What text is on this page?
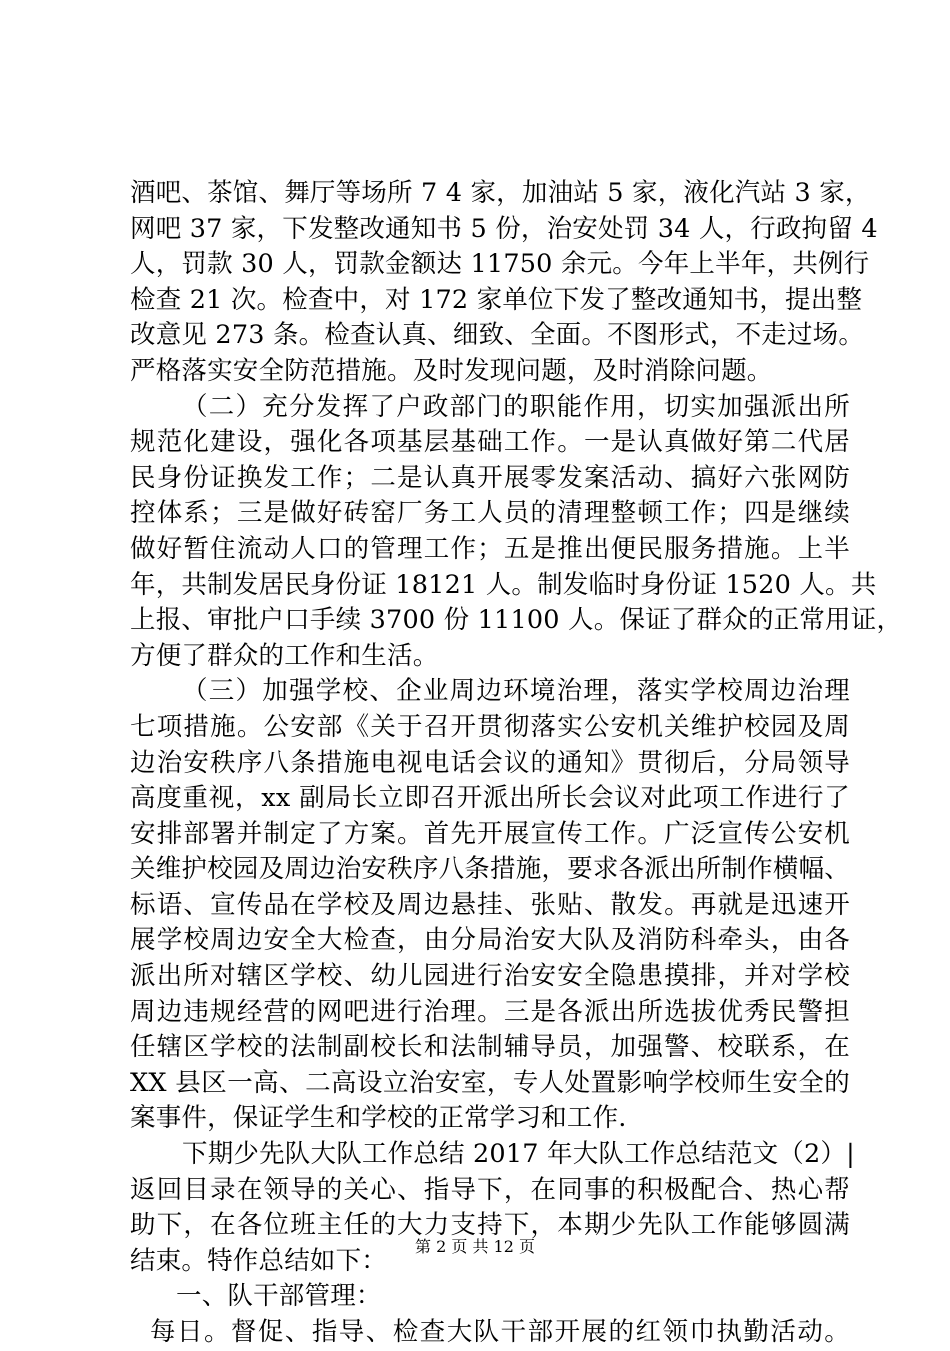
酒吧、茶馆、舞厅等场所 7 4 家，加油站 5 家，液化汽站 3 家，
网吧 37 家，下发整改通知书 5 份，治安处罚 34 人，行政拘留 4
人，罚款 30 人，罚款金额达 11750 余元。今年上半年，共例行
检查 21 次。检查中，对 172 家单位下发了整改通知书，提出整
改意见 273 条。检查认真、细致、全面。不图形式，不走过场。
严格落实安全防范措施。及时发现问题，及时消除问题。
（二）充分发挥了户政部门的职能作用，切实加强派出所
规范化建设，强化各项基层基础工作。一是认真做好第二代居
民身份证换发工作；二是认真开展零发案活动、搞好六张网防
控体系；三是做好砖窑厂务工人员的清理整顿工作；四是继续
做好暂住流动人口的管理工作；五是推出便民服务措施。上半
年，共制发居民身份证 18121 人。制发临时身份证 1520 人。共
上报、审批户口手续 3700 份 11100 人。保证了群众的正常用证，
方便了群众的工作和生活。
（三）加强学校、企业周边环境治理，落实学校周边治理
七项措施。公安部《关于召开贯彻落实公安机关维护校园及周
边治安秩序八条措施电视电话会议的通知》贯彻后，分局领导
高度重视，xx 副局长立即召开派出所长会议对此项工作进行了
安排部署并制定了方案。首先开展宣传工作。广泛宣传公安机
关维护校园及周边治安秩序八条措施，要求各派出所制作横幅、
标语、宣传品在学校及周边悬挂、张贴、散发。再就是迅速开
展学校周边安全大检查，由分局治安大队及消防科牵头，由各
派出所对辖区学校、幼儿园进行治安安全隐患摸排，并对学校
周边违规经营的网吧进行治理。三是各派出所选拔优秀民警担
任辖区学校的法制副校长和法制辅导员，加强警、校联系，在
XX 县区一高、二高设立治安室，专人处置影响学校师生安全的
案事件，保证学生和学校的正常学习和工作.
下期少先队大队工作总结 2017 年大队工作总结范文（2）|
返回目录在领导的关心、指导下，在同事的积极配合、热心帮
助下，在各位班主任的大力支持下，本期少先队工作能够圆满
结束。特作总结如下：
一、队干部管理：
每日。督促、指导、检查大队干部开展的红领巾执勤活动。
第 2 页 共 12 页
